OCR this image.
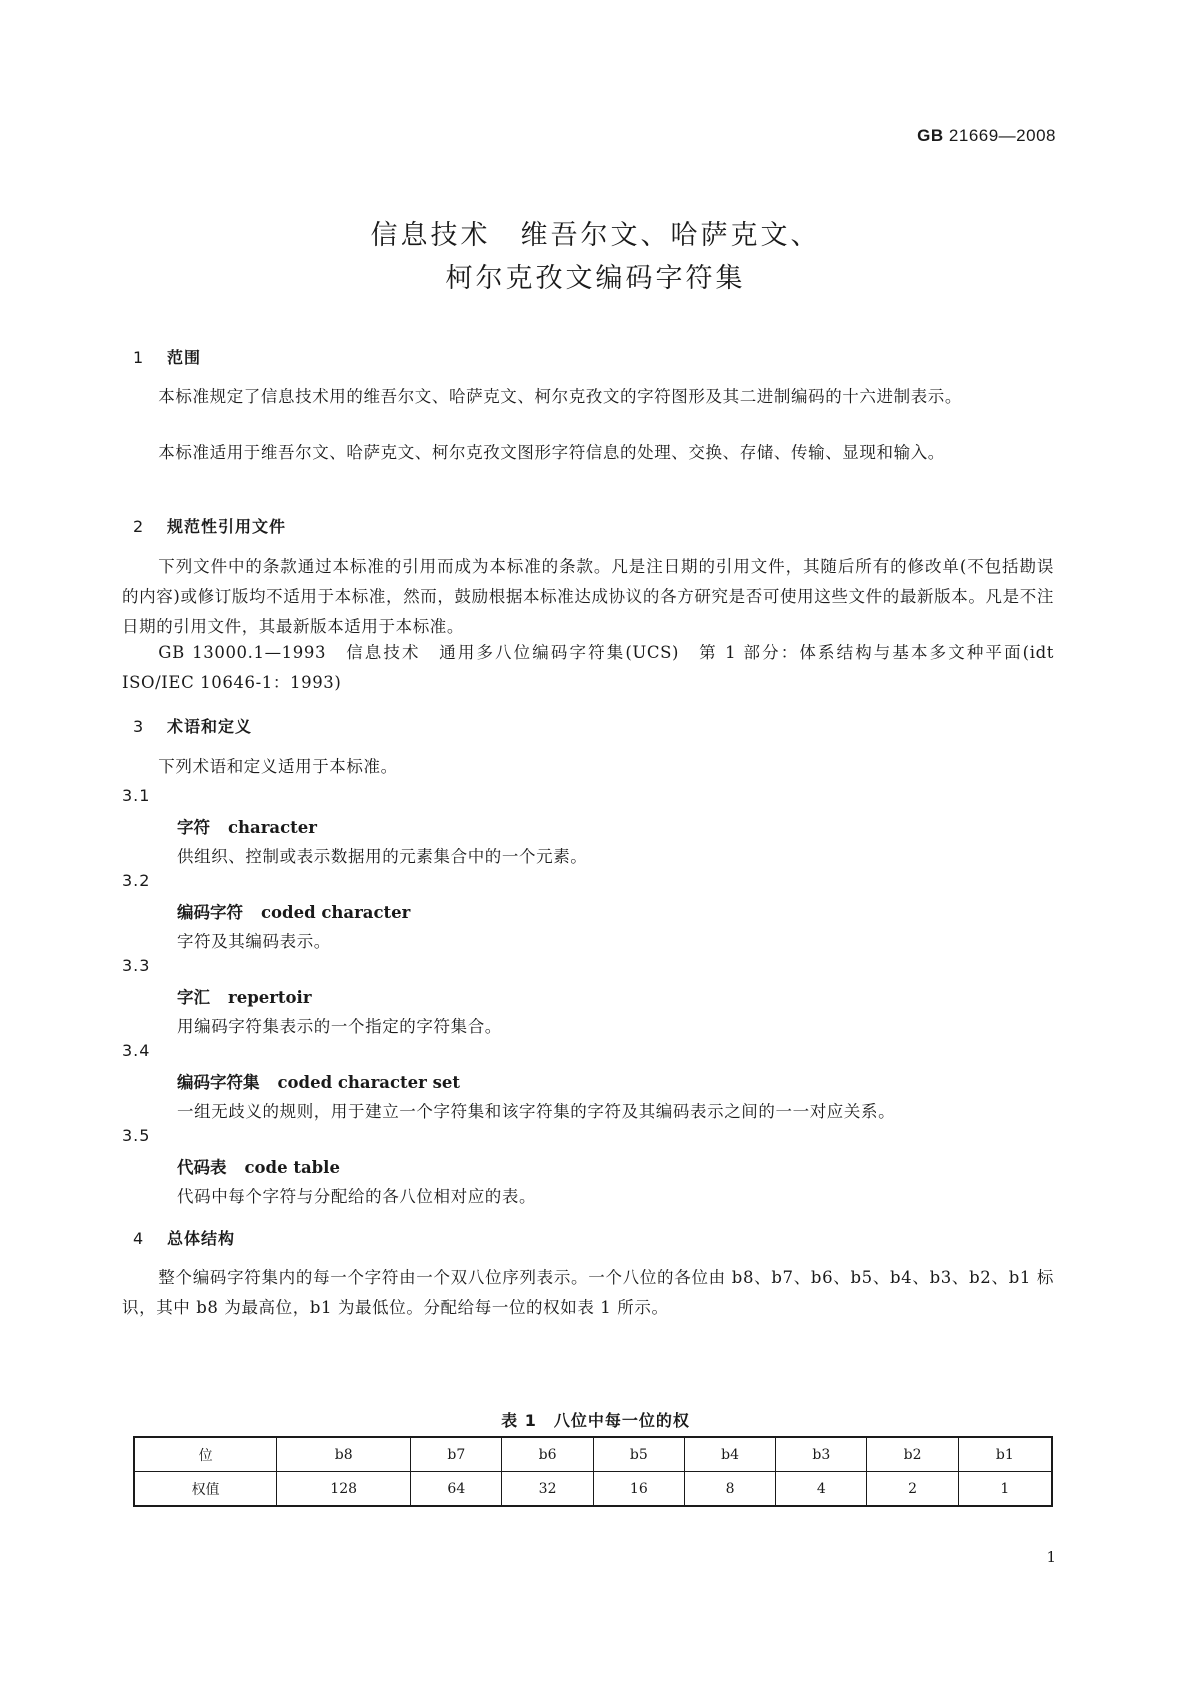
GB 21669—2008
信息技术　维吾尔文、哈萨克文、
柯尔克孜文编码字符集
1 范围
本标准规定了信息技术用的维吾尔文、哈萨克文、柯尔克孜文的字符图形及其二进制编码的十六进制表示。
本标准适用于维吾尔文、哈萨克文、柯尔克孜文图形字符信息的处理、交换、存储、传输、显现和输入。
2 规范性引用文件
下列文件中的条款通过本标准的引用而成为本标准的条款。凡是注日期的引用文件，其随后所有的修改单(不包括勘误的内容)或修订版均不适用于本标准，然而，鼓励根据本标准达成协议的各方研究是否可使用这些文件的最新版本。凡是不注日期的引用文件，其最新版本适用于本标准。
GB 13000.1—1993　信息技术　通用多八位编码字符集(UCS)　第 1 部分：体系结构与基本多文种平面(idt ISO/IEC 10646-1：1993)
3 术语和定义
下列术语和定义适用于本标准。
3.1
字符 character
供组织、控制或表示数据用的元素集合中的一个元素。
3.2
编码字符 coded character
字符及其编码表示。
3.3
字汇 repertoir
用编码字符集表示的一个指定的字符集合。
3.4
编码字符集 coded character set
一组无歧义的规则，用于建立一个字符集和该字符集的字符及其编码表示之间的一一对应关系。
3.5
代码表 code table
代码中每个字符与分配给的各八位相对应的表。
4 总体结构
整个编码字符集内的每一个字符由一个双八位序列表示。一个八位的各位由 b8、b7、b6、b5、b4、b3、b2、b1 标识，其中 b8 为最高位，b1 为最低位。分配给每一位的权如表 1 所示。
表 1　八位中每一位的权
位	b8	b7	b6	b5	b4	b3	b2	b1
权值	128	64	32	16	8	4	2	1
1
